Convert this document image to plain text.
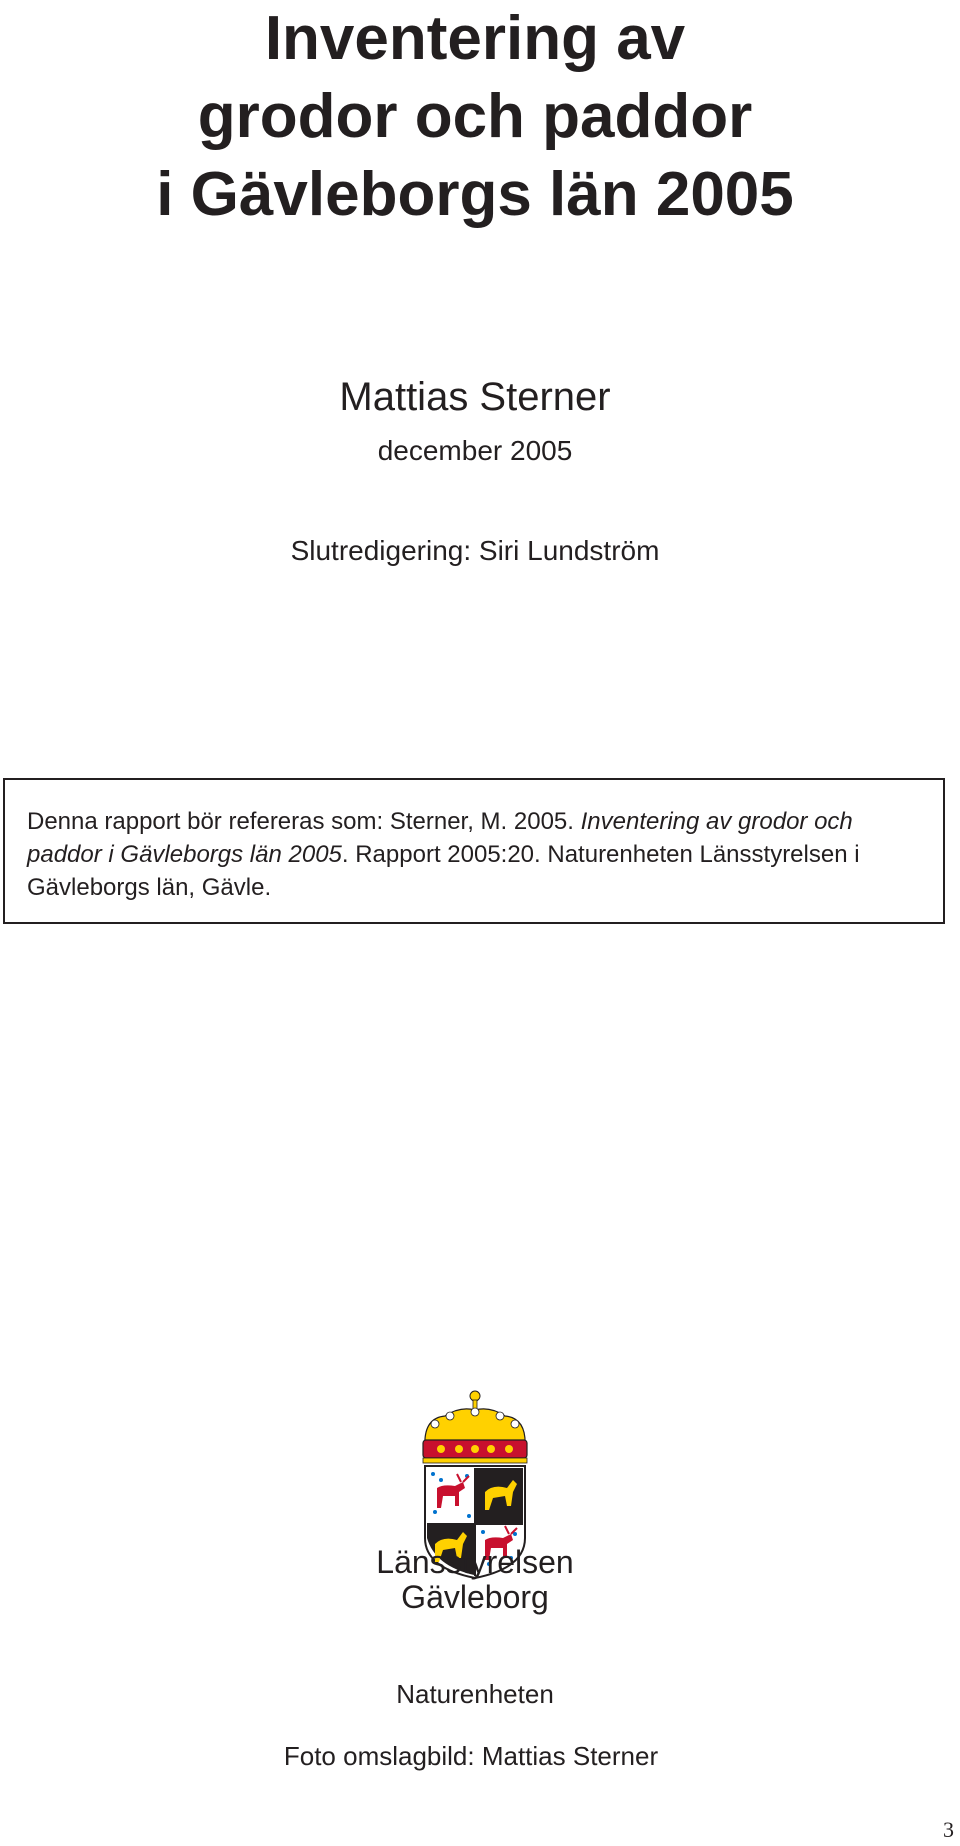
Inventering av
grodor och paddor
i Gävleborgs län 2005
Mattias Sterner
december 2005
Slutredigering: Siri Lundström
Denna rapport bör refereras som: Sterner, M. 2005. Inventering av grodor och paddor i Gävleborgs län 2005. Rapport 2005:20. Naturenheten Länsstyrelsen i Gävleborgs län, Gävle.
Länsstyrelsen
Gävleborg
Naturenheten
Foto omslagbild: Mattias Sterner
3
